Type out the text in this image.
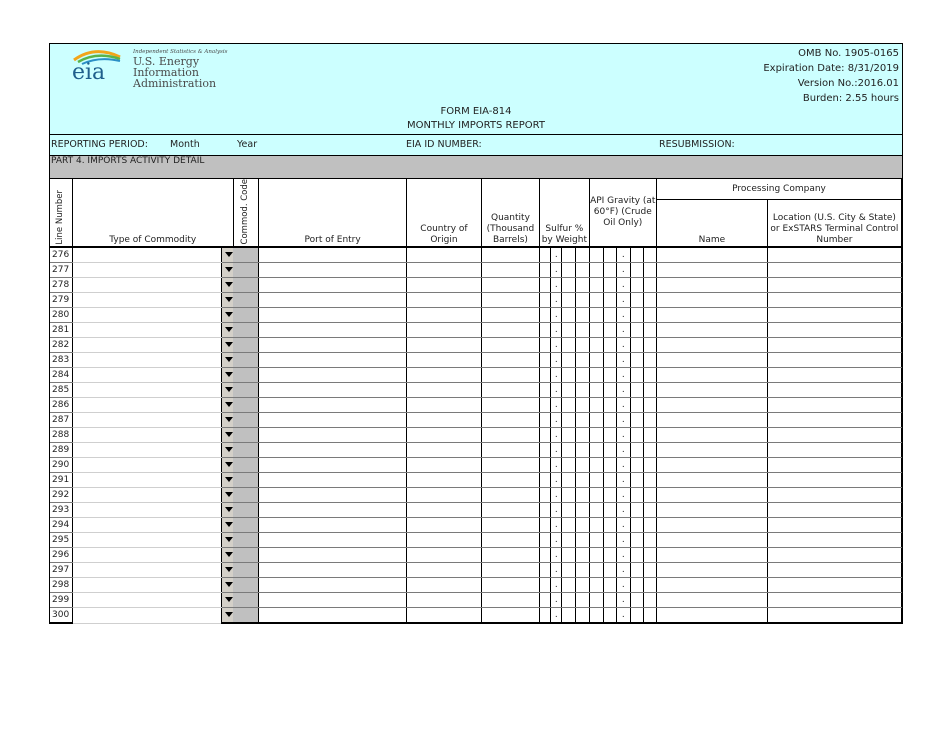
eia
Independent Statistics & Analysis
U.S. Energy Information
Administration
OMB No. 1905-0165
Expiration Date: 8/31/2019
Version No.:2016.01
Burden: 2.55 hours
FORM EIA-814
MONTHLY IMPORTS REPORT
REPORTING PERIOD: Month	Year	EIA ID NUMBER:	RESUBMISSION:
PART 4. IMPORTS ACTIVITY DETAIL
Line Number	Type of Commodity		Commod. Code	Port of Entry	Country of Origin	Quantity (Thousand Barrels)	Sulfur % by Weight				API Gravity (at 60°F) (Crude Oil Only)					Processing Company	
																Name	Location (U.S. City & State) or ExSTARS Terminal Control Number
276								.					.				
277								.					.				
278								.					.				
279								.					.				
280								.					.				
281								.					.				
282								.					.				
283								.					.				
284								.					.				
285								.					.				
286								.					.				
287								.					.				
288								.					.				
289								.					.				
290								.					.				
291								.					.				
292								.					.				
293								.					.				
294								.					.				
295								.					.				
296								.					.				
297								.					.				
298								.					.				
299								.					.				
300								.					.				
